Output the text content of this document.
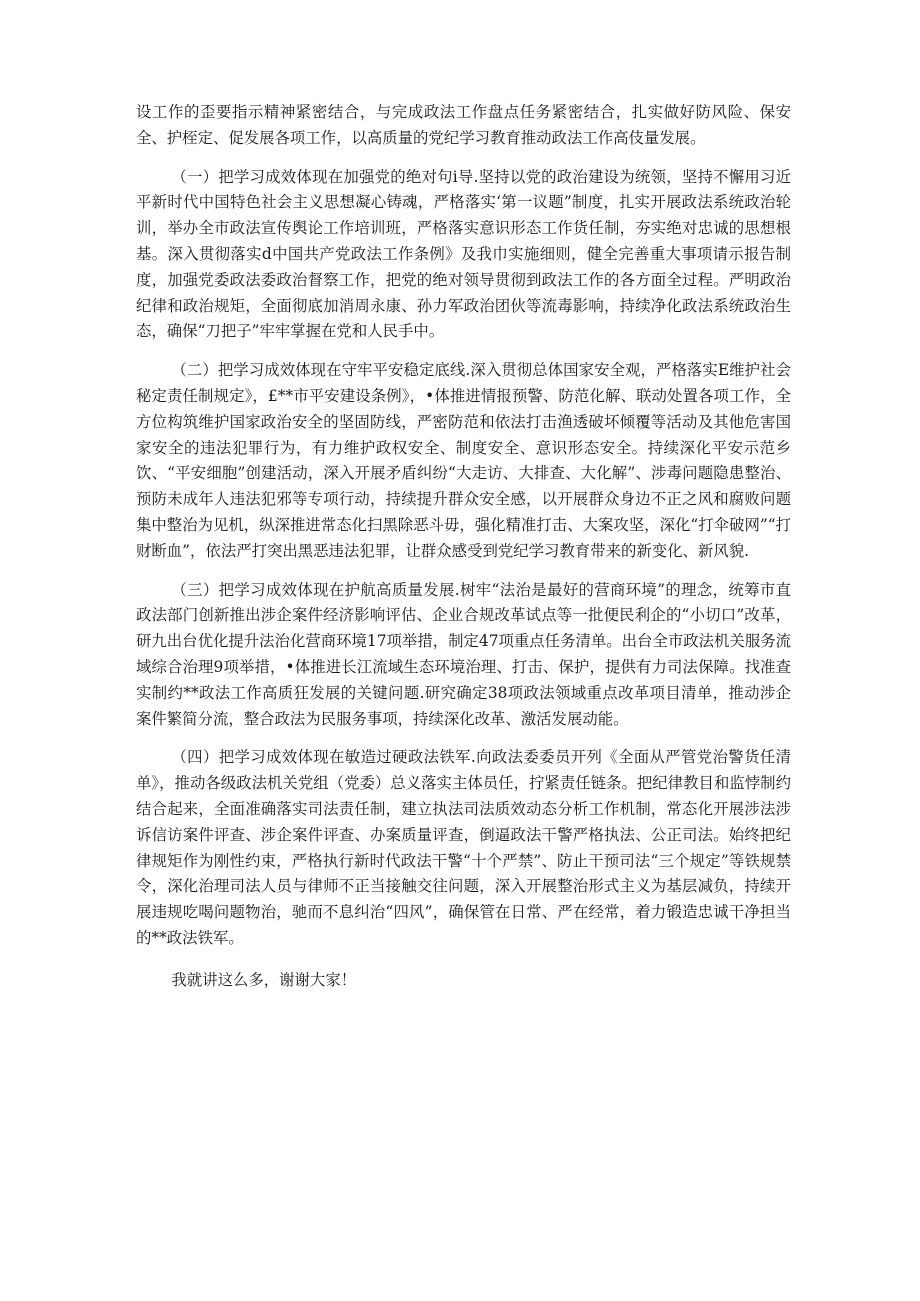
设工作的歪要指示精神紧密结合，与完成政法工作盘点任务紧密结合，扎实做好防风险、保安全、护桎定、促发展各项工作，以高质量的党纪学习教育推动政法工作高伎量发展。

（一）把学习成效体现在加强党的绝对句i导.坚持以党的政治建设为统领，坚持不懈用习近平新时代中国特色社会主义思想凝心铸魂，严格落实‘第一议题”制度，扎实开展政法系统政治轮训，举办全市政法宣传舆论工作培训班，严格落实意识形态工作货任制，夯实绝对忠诚的思想根基。深入贯彻落实d中国共产党政法工作条例》及我巾实施细则，健全完善重大事项请示报告制度，加强党委政法委政治督察工作，把党的绝对领导贯彻到政法工作的各方面全过程。严明政治纪律和政治规矩，全面彻底加消周永康、孙力军政治团伙等流毒影响，持续净化政法系统政治生态，确保“刀把子”牢牢掌握在党和人民手中。

（二）把学习成效体现在守牢平安稳定底线.深入贯彻总体国家安全观，严格落实E维护社会秘定责任制规定》，£**市平安建设条例》，•体推进情报预警、防范化解、联动处置各项工作，全方位构筑维护国家政治安全的坚固防线，严密防范和依法打击渔透破坏倾覆等活动及其他危害国家安全的违法犯罪行为，有力维护政权安全、制度安全、意识形态安全。持续深化平安示范乡饮、“平安细胞”创建活动，深入开展矛盾纠纷“大走访、大排查、大化解”、涉毒问题隐患整治、预防未成年人违法犯邪等专项行动，持续提升群众安全感，以开展群众身边不正之风和腐败问题集中整治为见机，纵深推进常态化扫黑除恶斗毋，强化精准打击、大案攻坚，深化“打伞破网”“打财断血”，依法严打突出黑恶违法犯罪，让群众感受到党纪学习教育带来的新变化、新风貌.

（三）把学习成效体现在护航高质量发展.树牢“法治是最好的营商环境”的理念，统筹市直政法部门创新推出涉企案件经济影响评估、企业合规改革试点等一批便民利企的“小切口”改革，研九出台优化提升法治化营商环境17项举措，制定47项重点任务清单。出台全市政法机关服务流域综合治理9项举措，•体推进长江流域生态环境治理、打击、保护，提供有力司法保障。找准查实制约**政法工作高质狂发展的关键问题.研究确定38项政法领域重点改革项目清单，推动涉企案件繁简分流，整合政法为民服务事项，持续深化改革、激活发展动能。

（四）把学习成效体现在敏造过硬政法铁军.向政法委委员开列《全面从严管党治警货任清单》，推动各级政法机关党组（党委）总义落实主体员任，拧紧责任链条。把纪律教目和监悖制约结合起来，全面准确落实司法责任制，建立执法司法质效动态分析工作机制，常态化开展涉法涉诉信访案件评查、涉企案件评查、办案质量评查，倒逼政法干警严格执法、公正司法。始终把纪律规矩作为刚性约束，严格执行新时代政法干警“十个严禁”、防止干预司法“三个规定”等铁规禁令，深化治理司法人员与律师不正当接触交往问题，深入开展整治形式主义为基层减负，持续开展违规吃喝问题物治，驰而不息纠治“四风”，确保管在日常、严在经常，着力锻造忠诚干净担当的**政法铁军。

我就讲这么多，谢谢大家！
